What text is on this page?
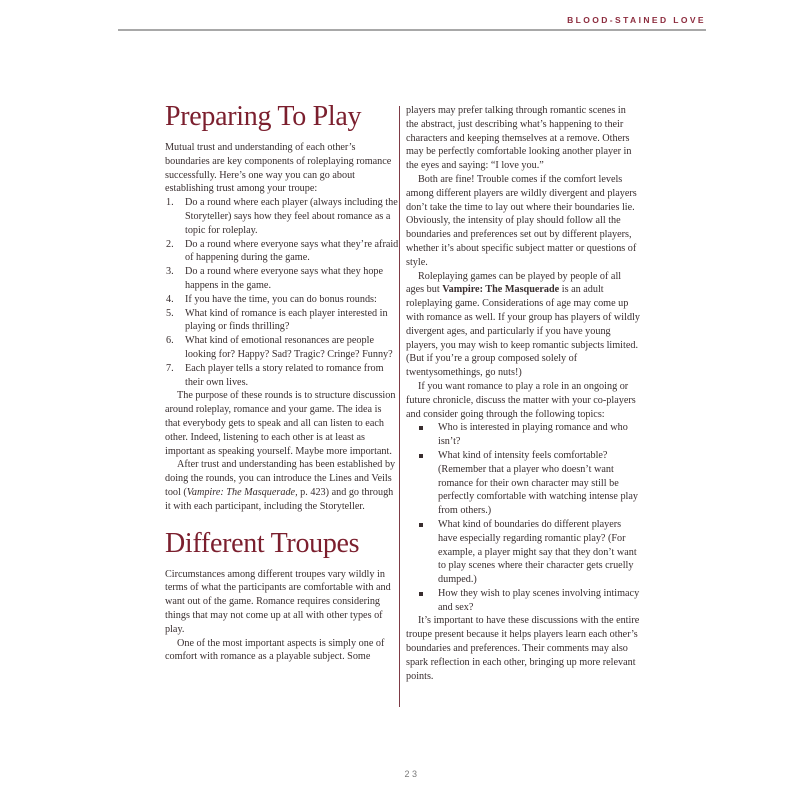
BLOOD-STAINED LOVE
Preparing To Play

Mutual trust and understanding of each other’s boundaries are key components of roleplaying romance successfully. Here’s one way you can go about establishing trust among your troupe:

1. Do a round where each player (always including the Storyteller) says how they feel about romance as a topic for roleplay.
2. Do a round where everyone says what they’re afraid of happening during the game.
3. Do a round where everyone says what they hope happens in the game.
4. If you have the time, you can do bonus rounds:
5. What kind of romance is each player interested in playing or finds thrilling?
6. What kind of emotional resonances are people looking for? Happy? Sad? Tragic? Cringe? Funny?
7. Each player tells a story related to romance from their own lives.

The purpose of these rounds is to structure discussion around roleplay, romance and your game. The idea is that everybody gets to speak and all can listen to each other. Indeed, listening to each other is at least as important as speaking yourself. Maybe more important.

After trust and understanding has been established by doing the rounds, you can introduce the Lines and Veils tool (Vampire: The Masquerade, p. 423) and go through it with each participant, including the Storyteller.

Different Troupes

Circumstances among different troupes vary wildly in terms of what the participants are comfortable with and want out of the game. Romance requires considering things that may not come up at all with other types of play.

One of the most important aspects is simply one of comfort with romance as a playable subject. Some

players may prefer talking through romantic scenes in the abstract, just describing what’s happening to their characters and keeping themselves at a remove. Others may be perfectly comfortable looking another player in the eyes and saying: “I love you.”

Both are fine! Trouble comes if the comfort levels among different players are wildly divergent and players don’t take the time to lay out where their boundaries lie. Obviously, the intensity of play should follow all the boundaries and preferences set out by different players, whether it’s about specific subject matter or questions of style.

Roleplaying games can be played by people of all ages but Vampire: The Masquerade is an adult roleplaying game. Considerations of age may come up with romance as well. If your group has players of wildly divergent ages, and particularly if you have young players, you may wish to keep romantic subjects limited. (But if you’re a group composed solely of twentysomethings, go nuts!)

If you want romance to play a role in an ongoing or future chronicle, discuss the matter with your co-players and consider going through the following topics:

Who is interested in playing romance and who isn’t?
What kind of intensity feels comfortable? (Remember that a player who doesn’t want romance for their own character may still be perfectly comfortable with watching intense play from others.)
What kind of boundaries do different players have especially regarding romantic play? (For example, a player might say that they don’t want to play scenes where their character gets cruelly dumped.)
How they wish to play scenes involving intimacy and sex?

It’s important to have these discussions with the entire troupe present because it helps players learn each other’s boundaries and preferences. Their comments may also spark reflection in each other, bringing up more relevant points.

23
